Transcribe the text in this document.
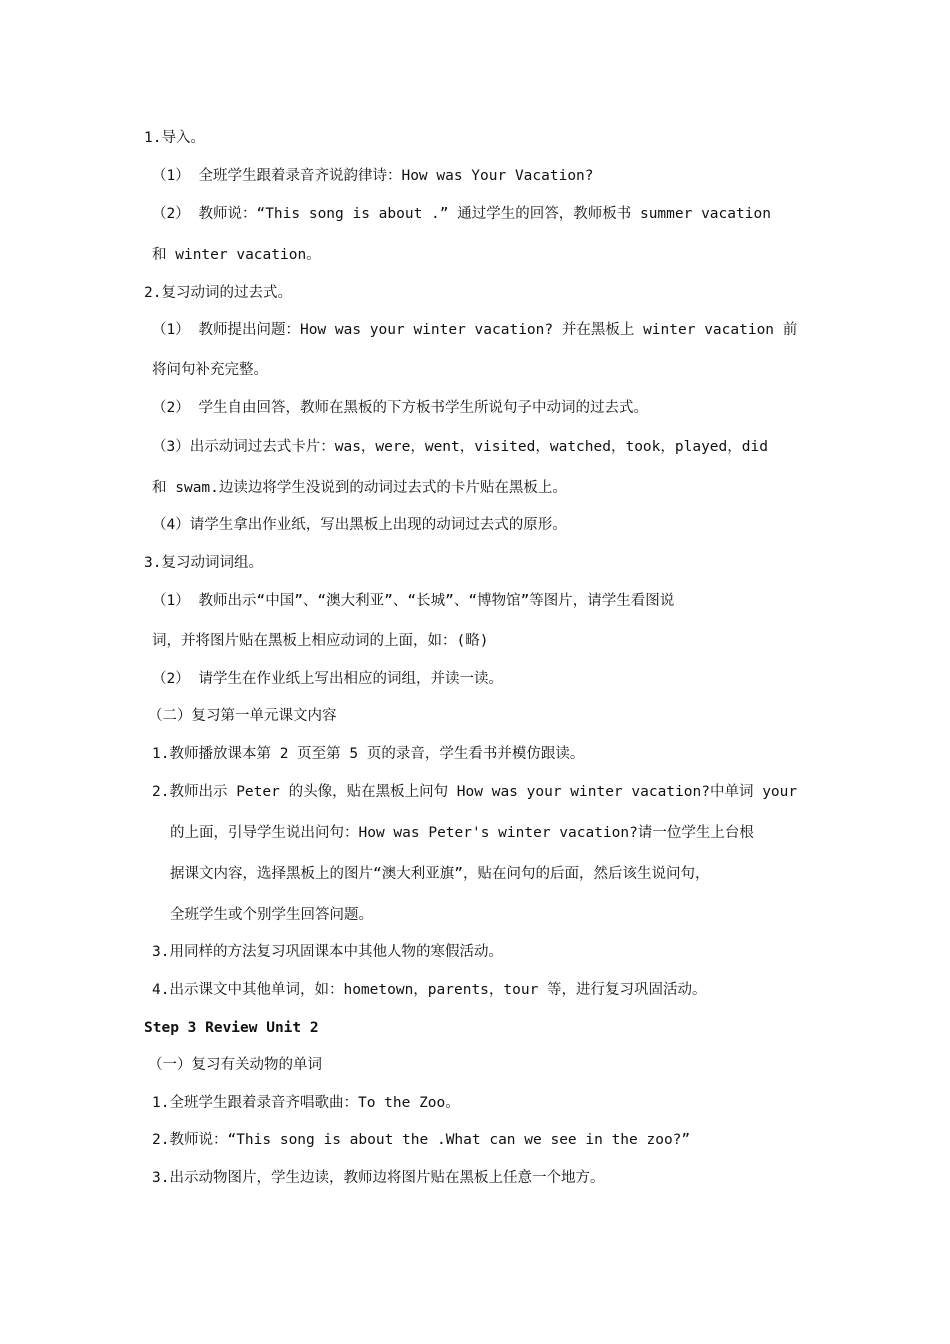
1.导入。
（1） 全班学生跟着录音齐说韵律诗：How was Your Vacation?
（2） 教师说：“This song is about .” 通过学生的回答，教师板书 summer vacation
和 winter vacation。
2.复习动词的过去式。
（1） 教师提出问题：How was your winter vacation? 并在黑板上 winter vacation 前
将问句补充完整。
（2） 学生自由回答，教师在黑板的下方板书学生所说句子中动词的过去式。
（3）出示动词过去式卡片：was，were，went，visited，watched，took，played，did
和 swam.边读边将学生没说到的动词过去式的卡片贴在黑板上。
（4）请学生拿出作业纸，写出黑板上出现的动词过去式的原形。
3.复习动词词组。
（1） 教师出示“中国”、“澳大利亚”、“长城”、“博物馆”等图片，请学生看图说
词，并将图片贴在黑板上相应动词的上面，如：(略)
（2） 请学生在作业纸上写出相应的词组，并读一读。
（二）复习第一单元课文内容
1.教师播放课本第 2 页至第 5 页的录音，学生看书并模仿跟读。
2.教师出示 Peter 的头像，贴在黑板上问句 How was your winter vacation?中单词 your
的上面，引导学生说出问句：How was Peter's winter vacation?请一位学生上台根
据课文内容，选择黑板上的图片“澳大利亚旗”，贴在问句的后面，然后该生说问句，
全班学生或个别学生回答问题。
3.用同样的方法复习巩固课本中其他人物的寒假活动。
4.出示课文中其他单词，如：hometown，parents，tour 等，进行复习巩固活动。
Step 3 Review Unit 2
（一）复习有关动物的单词
1.全班学生跟着录音齐唱歌曲：To the Zoo。
2.教师说：“This song is about the .What can we see in the zoo?”
3.出示动物图片，学生边读，教师边将图片贴在黑板上任意一个地方。
